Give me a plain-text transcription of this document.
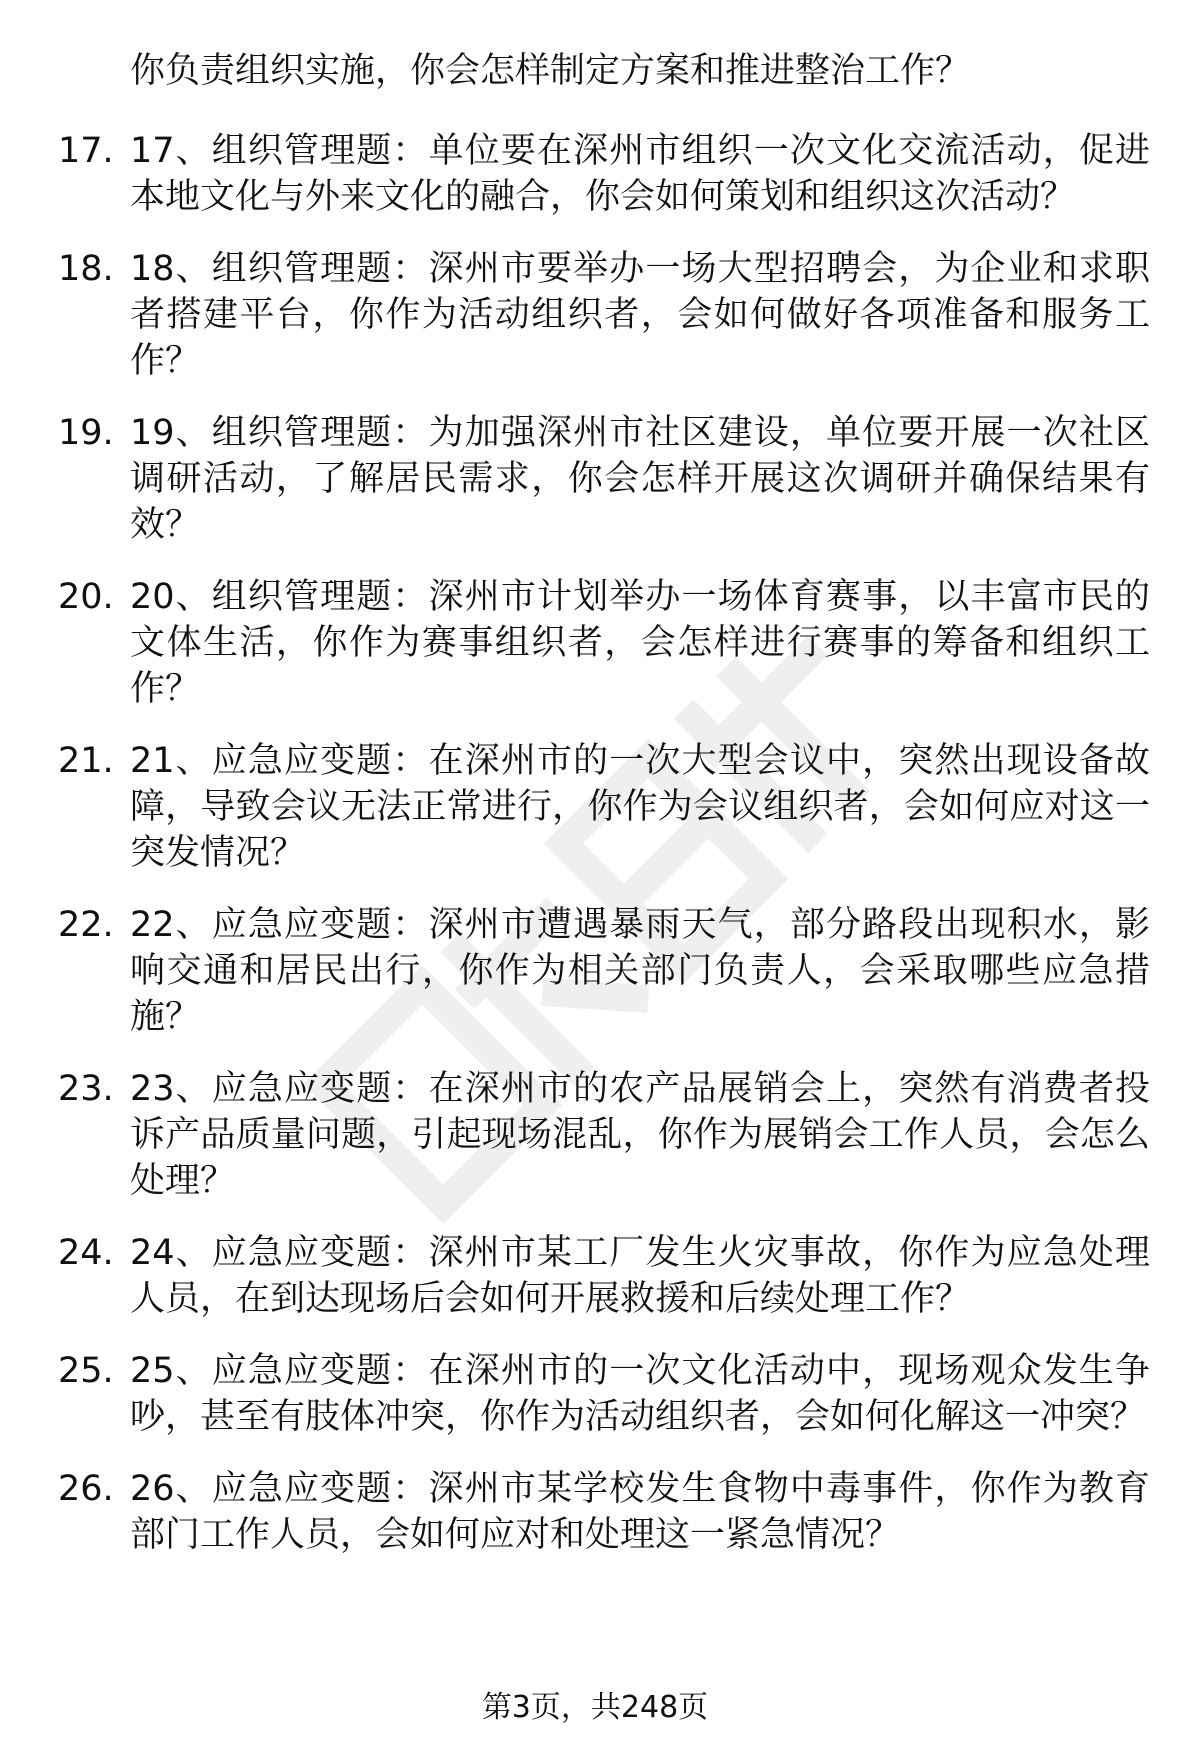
你负责组织实施，你会怎样制定方案和推进整治工作？
17. 17、组织管理题：单位要在深州市组织一次文化交流活动，促进本地文化与外来文化的融合，你会如何策划和组织这次活动？
18. 18、组织管理题：深州市要举办一场大型招聘会，为企业和求职者搭建平台，你作为活动组织者，会如何做好各项准备和服务工作？
19. 19、组织管理题：为加强深州市社区建设，单位要开展一次社区调研活动，了解居民需求，你会怎样开展这次调研并确保结果有效？
20. 20、组织管理题：深州市计划举办一场体育赛事，以丰富市民的文体生活，你作为赛事组织者，会怎样进行赛事的筹备和组织工作？
21. 21、应急应变题：在深州市的一次大型会议中，突然出现设备故障，导致会议无法正常进行，你作为会议组织者，会如何应对这一突发情况？
22. 22、应急应变题：深州市遭遇暴雨天气，部分路段出现积水，影响交通和居民出行，你作为相关部门负责人，会采取哪些应急措施？
23. 23、应急应变题：在深州市的农产品展销会上，突然有消费者投诉产品质量问题，引起现场混乱，你作为展销会工作人员，会怎么处理？
24. 24、应急应变题：深州市某工厂发生火灾事故，你作为应急处理人员，在到达现场后会如何开展救援和后续处理工作？
25. 25、应急应变题：在深州市的一次文化活动中，现场观众发生争吵，甚至有肢体冲突，你作为活动组织者，会如何化解这一冲突？
26. 26、应急应变题：深州市某学校发生食物中毒事件，你作为教育部门工作人员，会如何应对和处理这一紧急情况？
第3页，共248页
